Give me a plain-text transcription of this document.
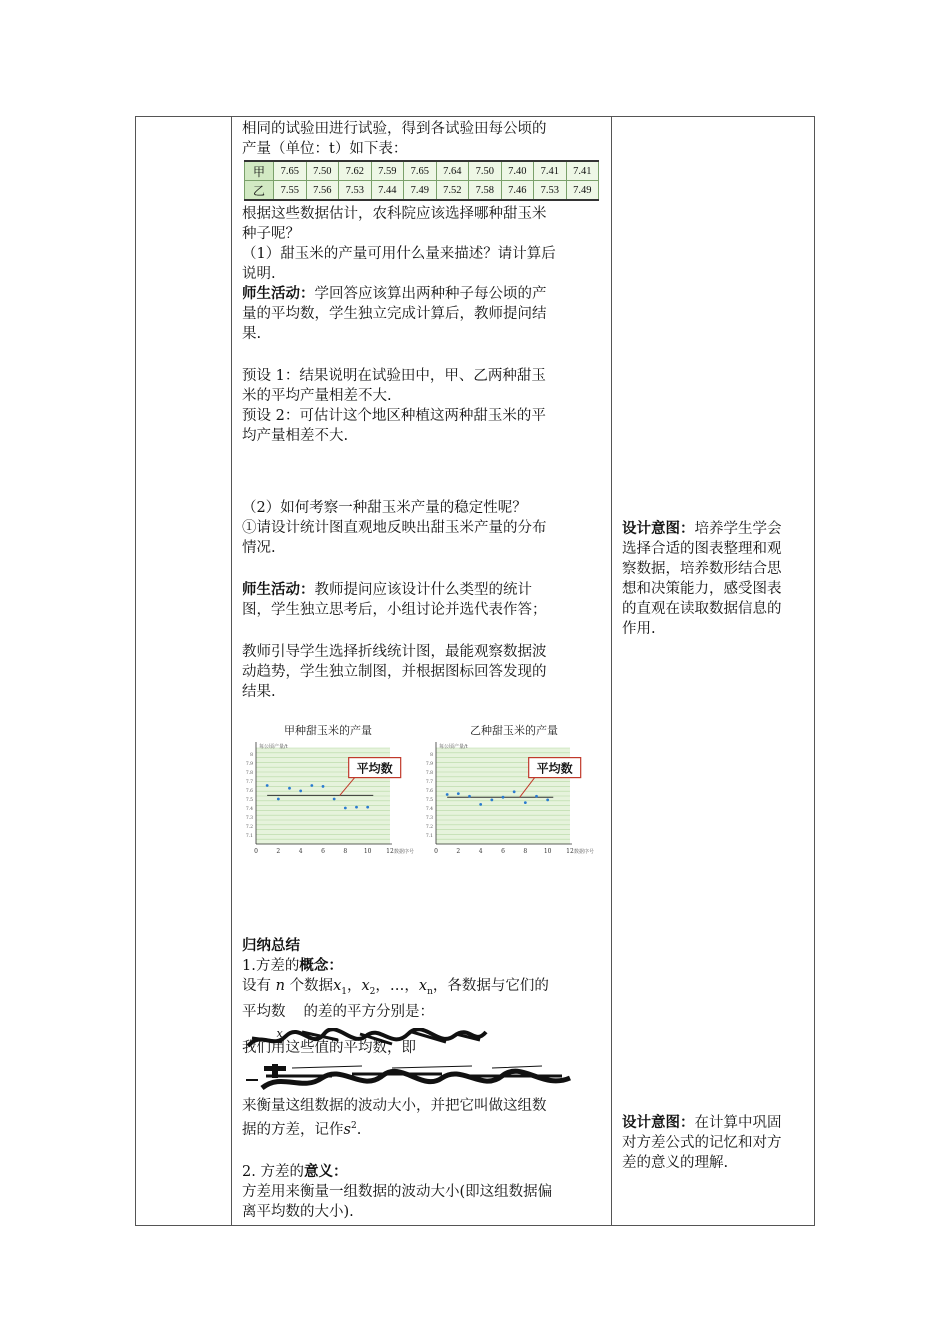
相同的试验田进行试验，得到各试验田每公顷的

产量（单位：t）如下表：

甲	7.65	7.50	7.62	7.59	7.65	7.64	7.50	7.40	7.41	7.41
乙	7.55	7.56	7.53	7.44	7.49	7.52	7.58	7.46	7.53	7.49

根据这些数据估计，农科院应该选择哪种甜玉米

种子呢？

（1）甜玉米的产量可用什么量来描述？请计算后

说明.

师生活动：学回答应该算出两种种子每公顷的产

量的平均数，学生独立完成计算后，教师提问结

果.

预设 1：结果说明在试验田中，甲、乙两种甜玉

米的平均产量相差不大.

预设 2：可估计这个地区种植这两种甜玉米的平

均产量相差不大.

（2）如何考察一种甜玉米产量的稳定性呢？

①请设计统计图直观地反映出甜玉米产量的分布

情况.

师生活动：教师提问应该设计什么类型的统计

图，学生独立思考后，小组讨论并选代表作答；

教师引导学生选择折线统计图，最能观察数据波

动趋势，学生独立制图，并根据图标回答发现的

结果.

甲种甜玉米的产量
每公顷产量/t
数据序号
0	2	4	6	8	10 12
7.1
7.2
7.3
7.4
7.5
7.6
7.7
7.8
7.9
8
平均数
乙种甜玉米的产量
每公顷产量/t
数据序号
0	2	4	6	8	10 12
7.1
7.2
7.3
7.4
7.5
7.6
7.7
7.8
7.9
8
平均数

归纳总结

1.方差的概念：

设有 n 个数据$x_1$，$x_2$，…，$x_n$，各数据与它们的

平均数
x
的差的平方分别是：

我们用这些值的平均数，即

来衡量这组数据的波动大小，并把它叫做这组数

据的方差，记作$s^2$.

2. 方差的意义：

方差用来衡量一组数据的波动大小(即这组数据偏

离平均数的大小).

设计意图：培养学生学会

选择合适的图表整理和观

察数据，培养数形结合思

想和决策能力，感受图表

的直观在读取数据信息的

作用.

设计意图：在计算中巩固

对方差公式的记忆和对方

差的意义的理解.
